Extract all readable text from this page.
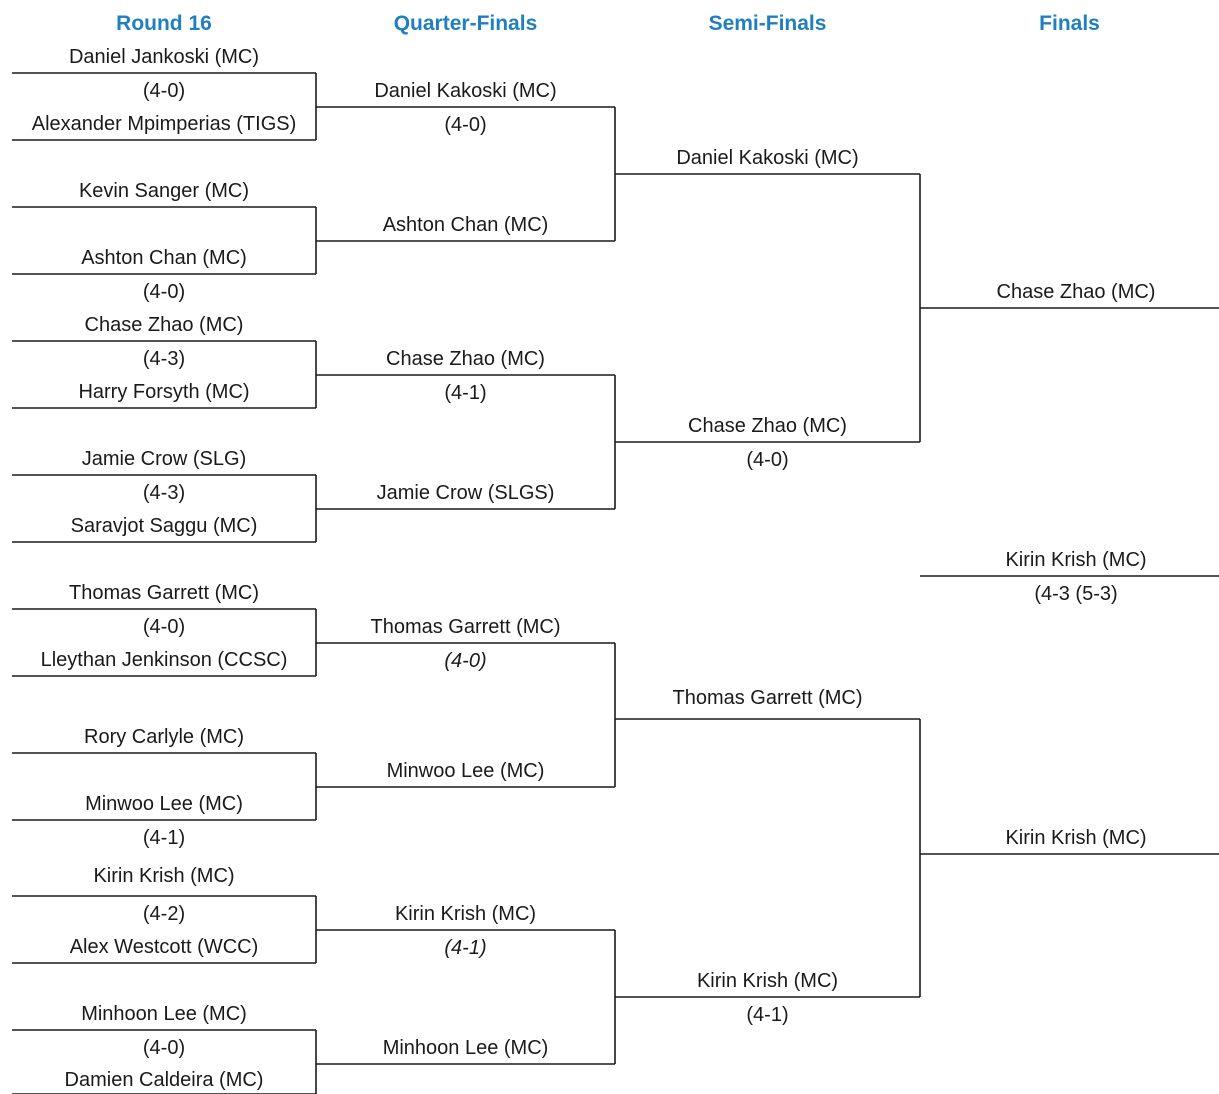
Round 16	Quarter-Finals	Semi-Finals	Finals
Daniel Jankoski (MC)
(4-0)
Alexander Mpimperias (TIGS)
Kevin Sanger (MC)
Ashton Chan (MC)
(4-0)
Chase Zhao (MC)
(4-3)
Harry Forsyth (MC)
Jamie Crow (SLG)
(4-3)
Saravjot Saggu (MC)
Thomas Garrett (MC)
(4-0)
Lleythan Jenkinson (CCSC)
Rory Carlyle (MC)
Minwoo Lee (MC)
(4-1)
Kirin Krish (MC)
(4-2)
Alex Westcott (WCC)
Minhoon Lee (MC)
(4-0)
Damien Caldeira (MC)
Daniel Kakoski (MC)
(4-0)
Ashton Chan (MC)
Chase Zhao (MC)
(4-1)
Jamie Crow (SLGS)
Thomas Garrett (MC)
(4-0)
Minwoo Lee (MC)
Kirin Krish (MC)
(4-1)
Minhoon Lee (MC)
Daniel Kakoski (MC)
Chase Zhao (MC)
(4-0)
Thomas Garrett (MC)
Kirin Krish (MC)
(4-1)
Chase Zhao (MC)
Kirin Krish (MC)
(4-3 (5-3)
Kirin Krish (MC)
